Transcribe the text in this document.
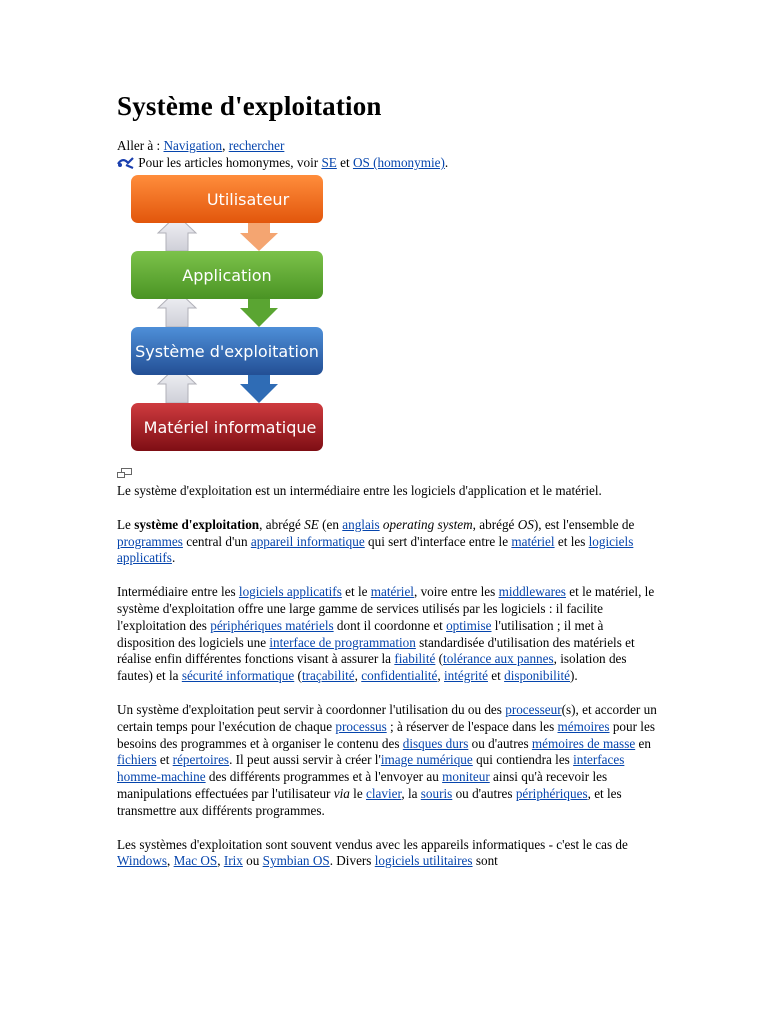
Système d'exploitation
Aller à : Navigation, rechercher
Pour les articles homonymes, voir SE et OS (homonymie).
Utilisateur
Application
Système d'exploitation
Matériel informatique

Le système d'exploitation est un intermédiaire entre les logiciels d'application et le matériel.

Le système d'exploitation, abrégé SE (en anglais operating system, abrégé OS), est l'ensemble de programmes central d'un appareil informatique qui sert d'interface entre le matériel et les logiciels applicatifs.

Intermédiaire entre les logiciels applicatifs et le matériel, voire entre les middlewares et le matériel, le système d'exploitation offre une large gamme de services utilisés par les logiciels : il facilite l'exploitation des périphériques matériels dont il coordonne et optimise l'utilisation ; il met à disposition des logiciels une interface de programmation standardisée d'utilisation des matériels et réalise enfin différentes fonctions visant à assurer la fiabilité (tolérance aux pannes, isolation des fautes) et la sécurité informatique (traçabilité, confidentialité, intégrité et disponibilité).

Un système d'exploitation peut servir à coordonner l'utilisation du ou des processeur(s), et accorder un certain temps pour l'exécution de chaque processus ; à réserver de l'espace dans les mémoires pour les besoins des programmes et à organiser le contenu des disques durs ou d'autres mémoires de masse en fichiers et répertoires. Il peut aussi servir à créer l'image numérique qui contiendra les interfaces homme-machine des différents programmes et à l'envoyer au moniteur ainsi qu'à recevoir les manipulations effectuées par l'utilisateur via le clavier, la souris ou d'autres périphériques, et les transmettre aux différents programmes.

Les systèmes d'exploitation sont souvent vendus avec les appareils informatiques - c'est le cas de Windows, Mac OS, Irix ou Symbian OS. Divers logiciels utilitaires sont
